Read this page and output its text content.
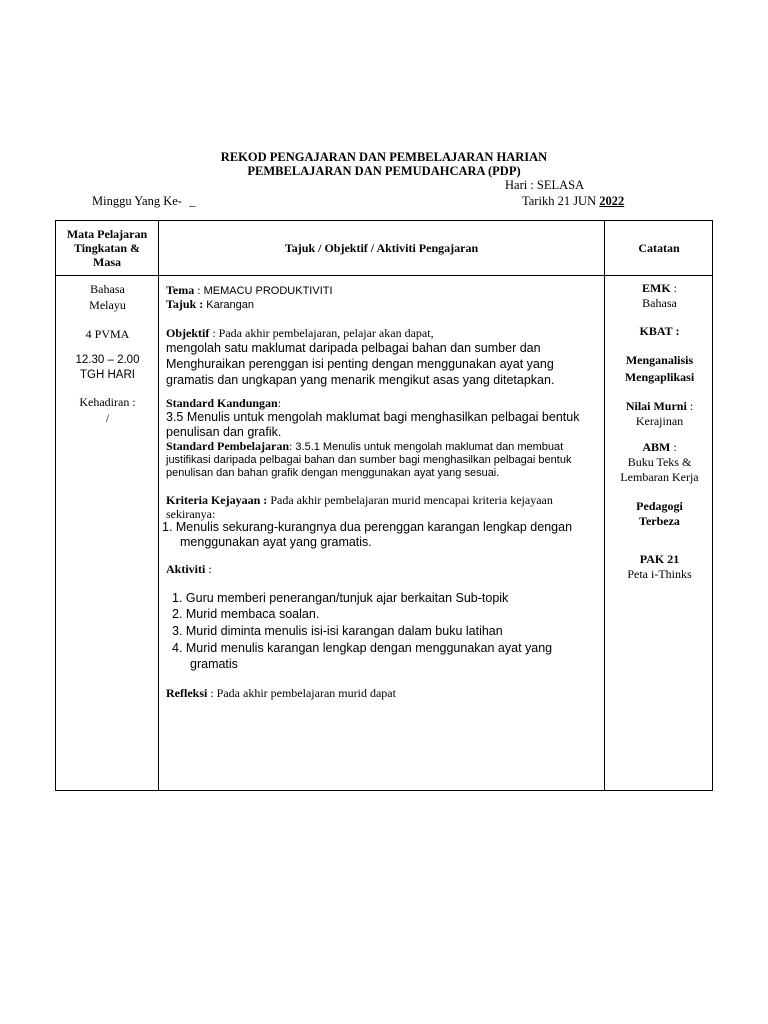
REKOD PENGAJARAN DAN PEMBELAJARAN HARIAN
PEMBELAJARAN DAN PEMUDAHCARA (PDP)
Hari : SELASA
Minggu Yang Ke- _	Tarikh 21 JUN 2022
Mata Pelajaran
Tingkatan &
Masa
Tajuk / Objektif / Aktiviti Pengajaran	Catatan
Bahasa
Melayu
4 PVMA
12.30 – 2.00
TGH HARI
Kehadiran :
/
Tema : MEMACU PRODUKTIVITI
Tajuk : Karangan
Objektif : Pada akhir pembelajaran, pelajar akan dapat,
mengolah satu maklumat daripada pelbagai bahan dan sumber dan
Menghuraikan perenggan isi penting dengan menggunakan ayat yang
gramatis dan ungkapan yang menarik mengikut asas yang ditetapkan.
Standard Kandungan:
3.5 Menulis untuk mengolah maklumat bagi menghasilkan pelbagai bentuk
penulisan dan grafik.
Standard Pembelajaran: 3.5.1 Menulis untuk mengolah maklumat dan membuat
justifikasi daripada pelbagai bahan dan sumber bagi menghasilkan pelbagai bentuk
penulisan dan bahan grafik dengan menggunakan ayat yang sesuai.
Kriteria Kejayaan : Pada akhir pembelajaran murid mencapai kriteria kejayaan
sekiranya:
1. Menulis sekurang-kurangnya dua perenggan karangan lengkap dengan
menggunakan ayat yang gramatis.
Aktiviti :
1. Guru memberi penerangan/tunjuk ajar berkaitan Sub-topik
2. Murid membaca soalan.
3. Murid diminta menulis isi-isi karangan dalam buku latihan
4. Murid menulis karangan lengkap dengan menggunakan ayat yang
gramatis
Refleksi : Pada akhir pembelajaran murid dapat
EMK :
Bahasa
KBAT :
Menganalisis
Mengaplikasi
Nilai Murni :
Kerajinan
ABM :
Buku Teks &
Lembaran Kerja
Pedagogi
Terbeza
PAK 21
Peta i-Thinks
